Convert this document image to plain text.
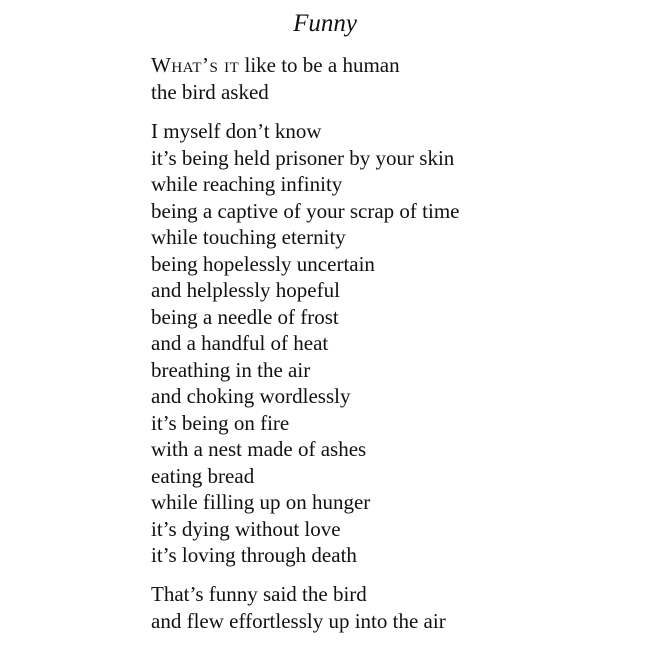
Funny
What’s it like to be a human
the bird asked
I myself don’t know
it’s being held prisoner by your skin
while reaching infinity
being a captive of your scrap of time
while touching eternity
being hopelessly uncertain
and helplessly hopeful
being a needle of frost
and a handful of heat
breathing in the air
and choking wordlessly
it’s being on fire
with a nest made of ashes
eating bread
while filling up on hunger
it’s dying without love
it’s loving through death
That’s funny said the bird
and flew effortlessly up into the air
